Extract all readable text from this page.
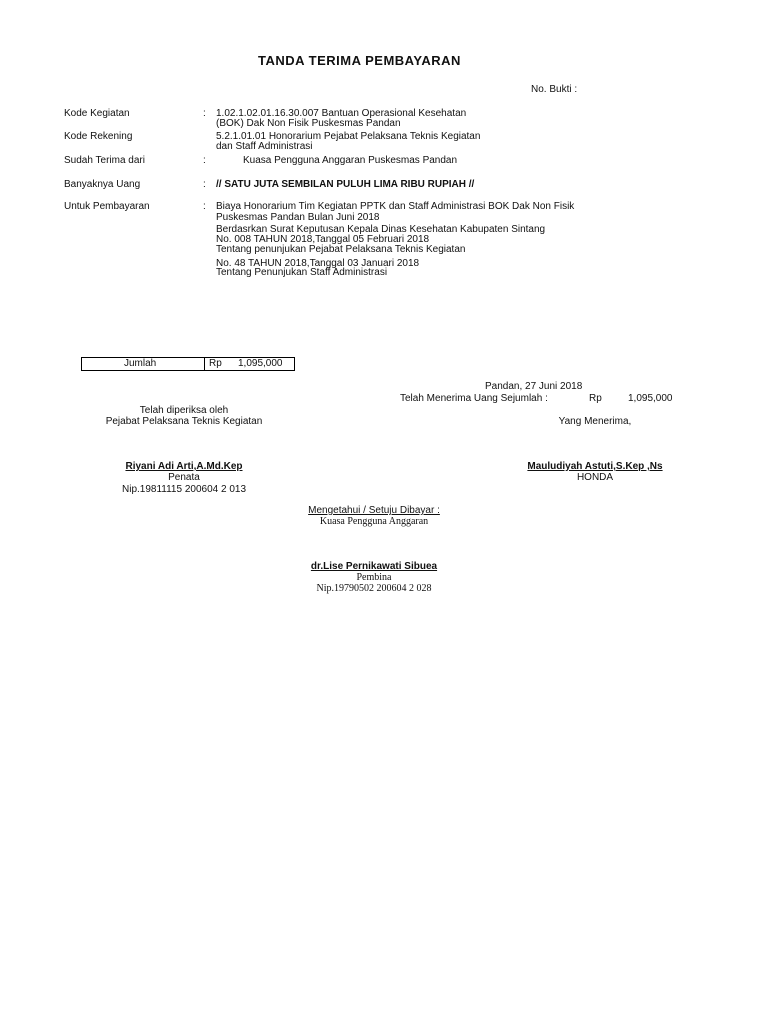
TANDA TERIMA PEMBAYARAN
No. Bukti :
Kode Kegiatan	: 1.02.1.02.01.16.30.007 Bantuan Operasional Kesehatan
(BOK) Dak Non Fisik Puskesmas Pandan
Kode Rekening	5.2.1.01.01 Honorarium Pejabat Pelaksana Teknis Kegiatan
dan Staff Administrasi
Sudah Terima dari	:	Kuasa Pengguna Anggaran Puskesmas Pandan
Banyaknya Uang	: // SATU JUTA SEMBILAN PULUH LIMA RIBU RUPIAH //
Untuk Pembayaran	: Biaya Honorarium Tim Kegiatan PPTK dan Staff Administrasi BOK Dak Non Fisik
Puskesmas Pandan Bulan Juni 2018
Berdasrkan Surat Keputusan Kepala Dinas Kesehatan Kabupaten Sintang
No. 008 TAHUN 2018,Tanggal 05 Februari 2018
Tentang penunjukan Pejabat Pelaksana Teknis Kegiatan
No. 48 TAHUN 2018,Tanggal 03 Januari 2018
Tentang Penunjukan Staff Administrasi
Jumlah	Rp 1,095,000
Pandan, 27 Juni 2018
Telah Menerima Uang Sejumlah :	Rp	1,095,000
Telah diperiksa oleh
Pejabat Pelaksana Teknis Kegiatan
Riyani Adi Arti,A.Md.Kep
Penata
Nip.19811115 200604 2 013
Yang Menerima,
Mauludiyah Astuti,S.Kep ,Ns
HONDA
Mengetahui / Setuju Dibayar :
Kuasa Pengguna Anggaran
dr.Lise Pernikawati Sibuea
Pembina
Nip.19790502 200604 2 028
